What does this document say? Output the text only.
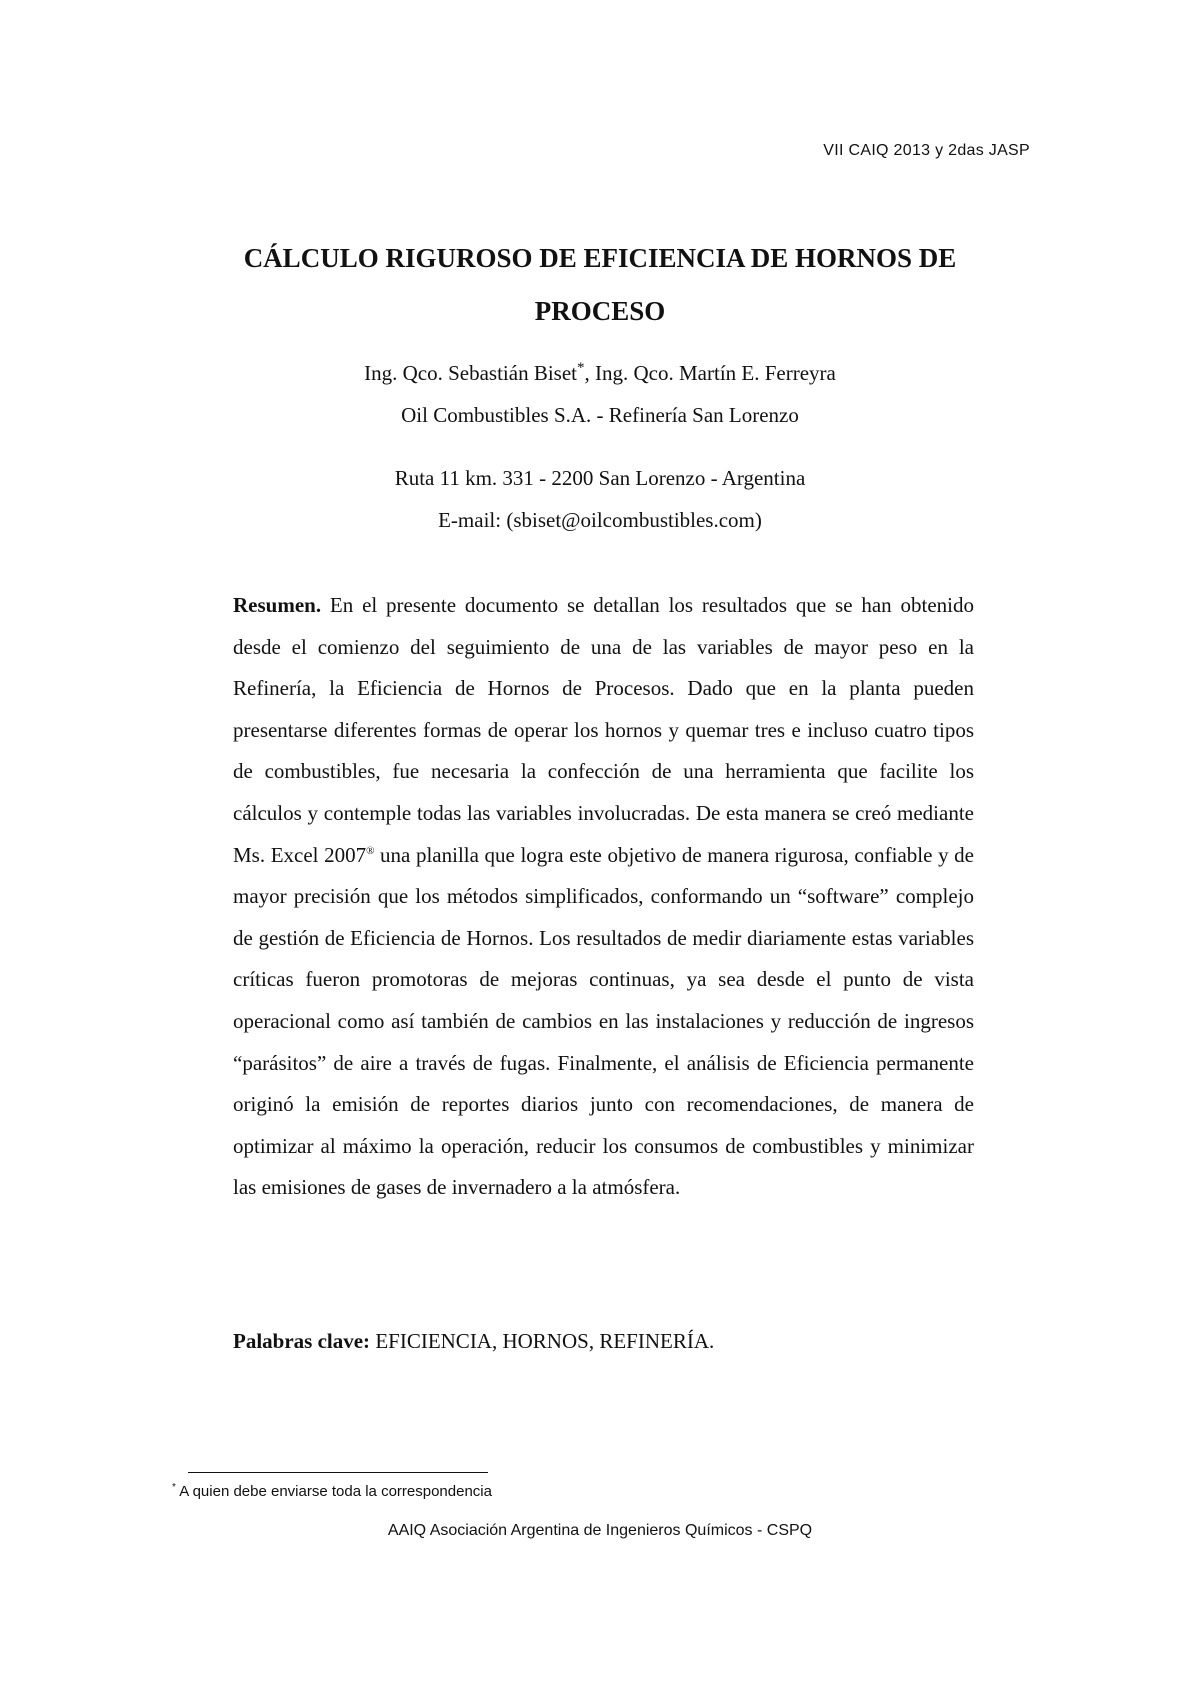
VII CAIQ 2013 y 2das JASP
CÁLCULO RIGUROSO DE EFICIENCIA DE HORNOS DE
PROCESO
Ing. Qco. Sebastián Biset*, Ing. Qco. Martín E. Ferreyra
Oil Combustibles S.A. - Refinería San Lorenzo
Ruta 11 km. 331 - 2200 San Lorenzo - Argentina
E-mail: (sbiset@oilcombustibles.com)

Resumen. En el presente documento se detallan los resultados que se han obtenido desde el comienzo del seguimiento de una de las variables de mayor peso en la Refinería, la Eficiencia de Hornos de Procesos. Dado que en la planta pueden presentarse diferentes formas de operar los hornos y quemar tres e incluso cuatro tipos de combustibles, fue necesaria la confección de una herramienta que facilite los cálculos y contemple todas las variables involucradas. De esta manera se creó mediante Ms. Excel 2007® una planilla que logra este objetivo de manera rigurosa, confiable y de mayor precisión que los métodos simplificados, conformando un “software” complejo de gestión de Eficiencia de Hornos. Los resultados de medir diariamente estas variables críticas fueron promotoras de mejoras continuas, ya sea desde el punto de vista operacional como así también de cambios en las instalaciones y reducción de ingresos “parásitos” de aire a través de fugas. Finalmente, el análisis de Eficiencia permanente originó la emisión de reportes diarios junto con recomendaciones, de manera de optimizar al máximo la operación, reducir los consumos de combustibles y minimizar las emisiones de gases de invernadero a la atmósfera.

Palabras clave: EFICIENCIA, HORNOS, REFINERÍA.

* A quien debe enviarse toda la correspondencia
AAIQ Asociación Argentina de Ingenieros Químicos - CSPQ
